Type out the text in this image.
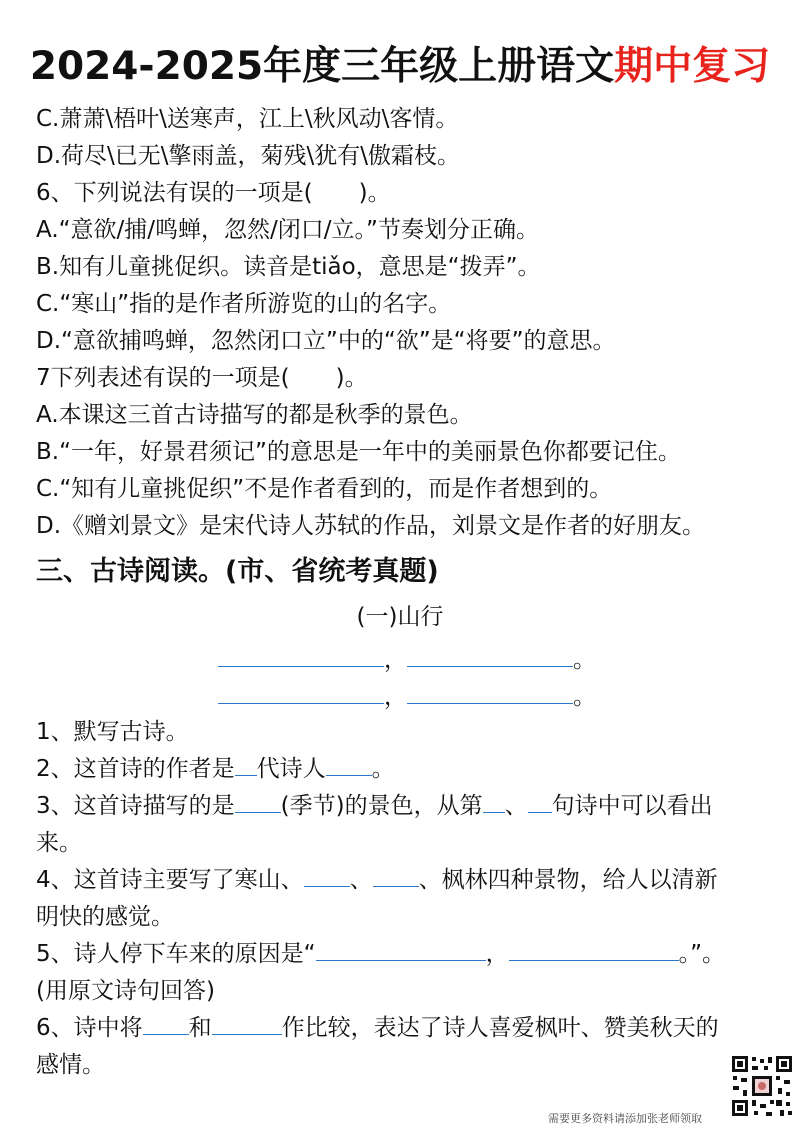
2024-2025年度三年级上册语文期中复习
C.萧萧\梧叶\送寒声，江上\秋风动\客情。
D.荷尽\已无\擎雨盖，菊残\犹有\傲霜枝。
6、下列说法有误的一项是(　　)。
A.“意欲/捕/鸣蝉，忽然/闭口/立。”节奏划分正确。
B.知有儿童挑促织。读音是tiǎo，意思是“拨弄”。
C.“寒山”指的是作者所游览的山的名字。
D.“意欲捕鸣蝉，忽然闭口立”中的“欲”是“将要”的意思。
7下列表述有误的一项是(　　)。
A.本课这三首古诗描写的都是秋季的景色。
B.“一年，好景君须记”的意思是一年中的美丽景色你都要记住。
C.“知有儿童挑促织”不是作者看到的，而是作者想到的。
D.《赠刘景文》是宋代诗人苏轼的作品，刘景文是作者的好朋友。
三、古诗阅读。(市、省统考真题)
(一)山行
，	。
，	。
1、默写古诗。
2、这首诗的作者是 代诗人 。
3、这首诗描写的是 (季节)的景色，从第 、 句诗中可以看出
来。
4、这首诗主要写了寒山、 、 、枫林四种景物，给人以清新
明快的感觉。
5、诗人停下车来的原因是“	，	。”。
(用原文诗句回答)
6、诗中将 和	作比较，表达了诗人喜爱枫叶、赞美秋天的
感情。
需要更多资料请添加张老师领取
